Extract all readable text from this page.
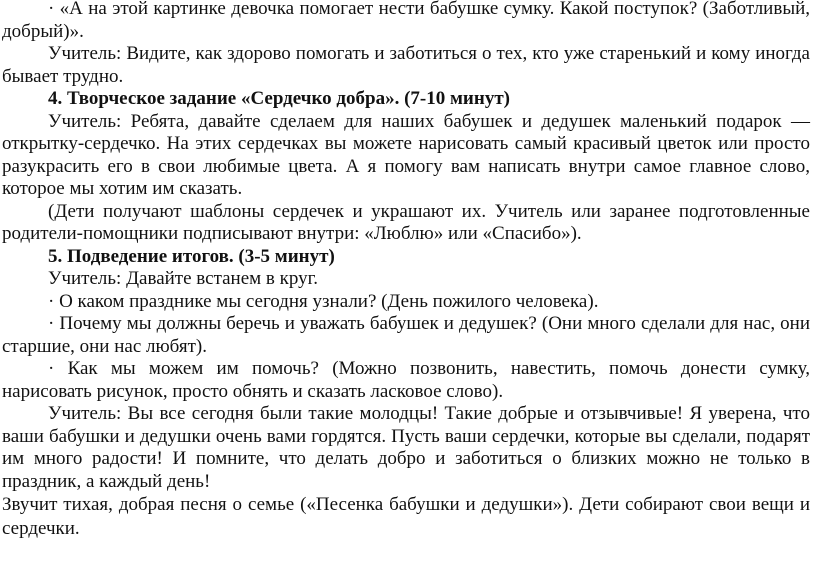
· «А на этой картинке девочка помогает нести бабушке сумку. Какой поступок? (Заботливый, добрый)».

Учитель: Видите, как здорово помогать и заботиться о тех, кто уже старенький и кому иногда бывает трудно.

4. Творческое задание «Сердечко добра». (7-10 минут)

Учитель: Ребята, давайте сделаем для наших бабушек и дедушек маленький подарок — открытку-сердечко. На этих сердечках вы можете нарисовать самый красивый цветок или просто разукрасить его в свои любимые цвета. А я помогу вам написать внутри самое главное слово, которое мы хотим им сказать.

(Дети получают шаблоны сердечек и украшают их. Учитель или заранее подготовленные родители-помощники подписывают внутри: «Люблю» или «Спасибо»).

5. Подведение итогов. (3-5 минут)

Учитель: Давайте встанем в круг.

· О каком празднике мы сегодня узнали? (День пожилого человека).

· Почему мы должны беречь и уважать бабушек и дедушек? (Они много сделали для нас, они старшие, они нас любят).

· Как мы можем им помочь? (Можно позвонить, навестить, помочь донести сумку, нарисовать рисунок, просто обнять и сказать ласковое слово).

Учитель: Вы все сегодня были такие молодцы! Такие добрые и отзывчивые! Я уверена, что ваши бабушки и дедушки очень вами гордятся. Пусть ваши сердечки, которые вы сделали, подарят им много радости! И помните, что делать добро и заботиться о близких можно не только в праздник, а каждый день!

Звучит тихая, добрая песня о семье («Песенка бабушки и дедушки»). Дети собирают свои вещи и сердечки.
